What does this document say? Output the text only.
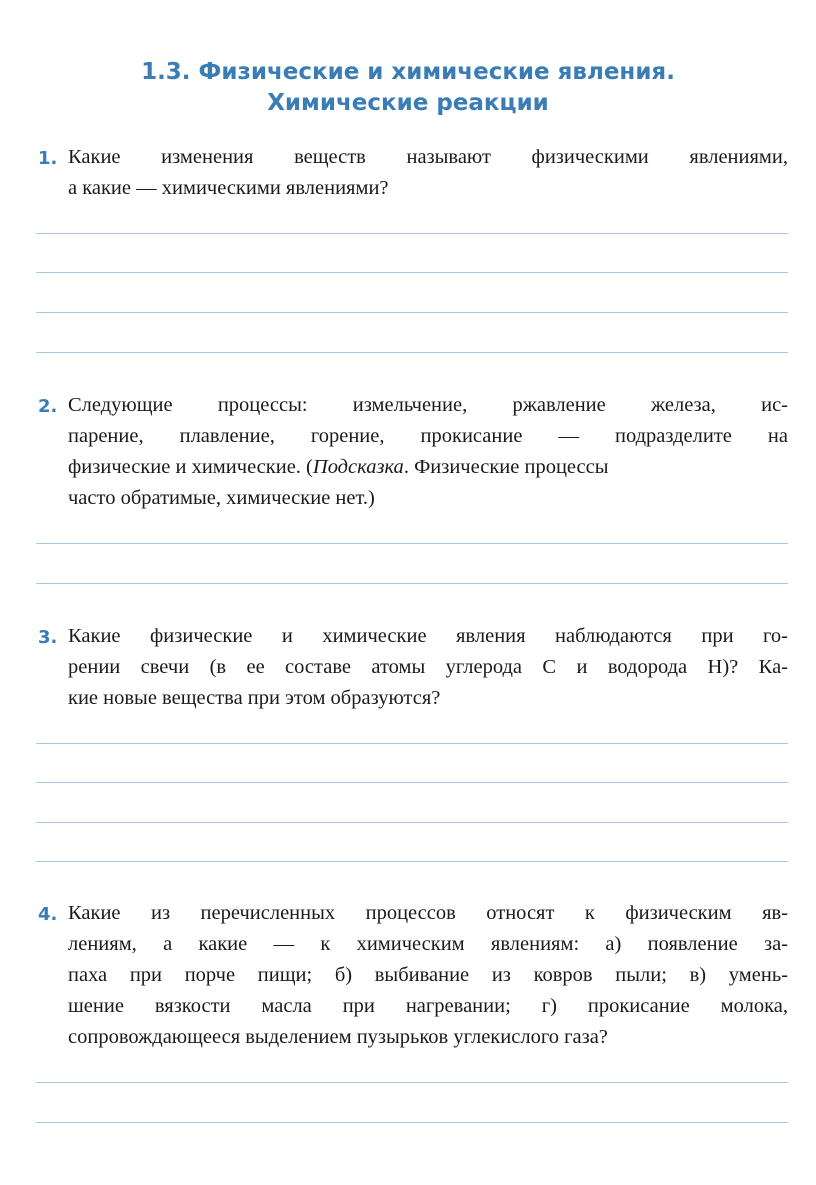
1.3. Физические и химические явления.
Химические реакции
1. Какие изменения веществ называют физическими явлениями,
а какие — химическими явлениями?
2. Следующие процессы: измельчение, ржавление железа, ис-
парение, плавление, горение, прокисание — подразделите на
физические и химические. (Подсказка. Физические процессы
часто обратимые, химические нет.)
3. Какие физические и химические явления наблюдаются при го-
рении свечи (в ее составе атомы углерода С и водорода Н)? Ка-
кие новые вещества при этом образуются?
4. Какие из перечисленных процессов относят к физическим яв-
лениям, а какие — к химическим явлениям: а) появление за-
паха при порче пищи; б) выбивание из ковров пыли; в) умень-
шение вязкости масла при нагревании; г) прокисание молока,
сопровождающееся выделением пузырьков углекислого газа?
